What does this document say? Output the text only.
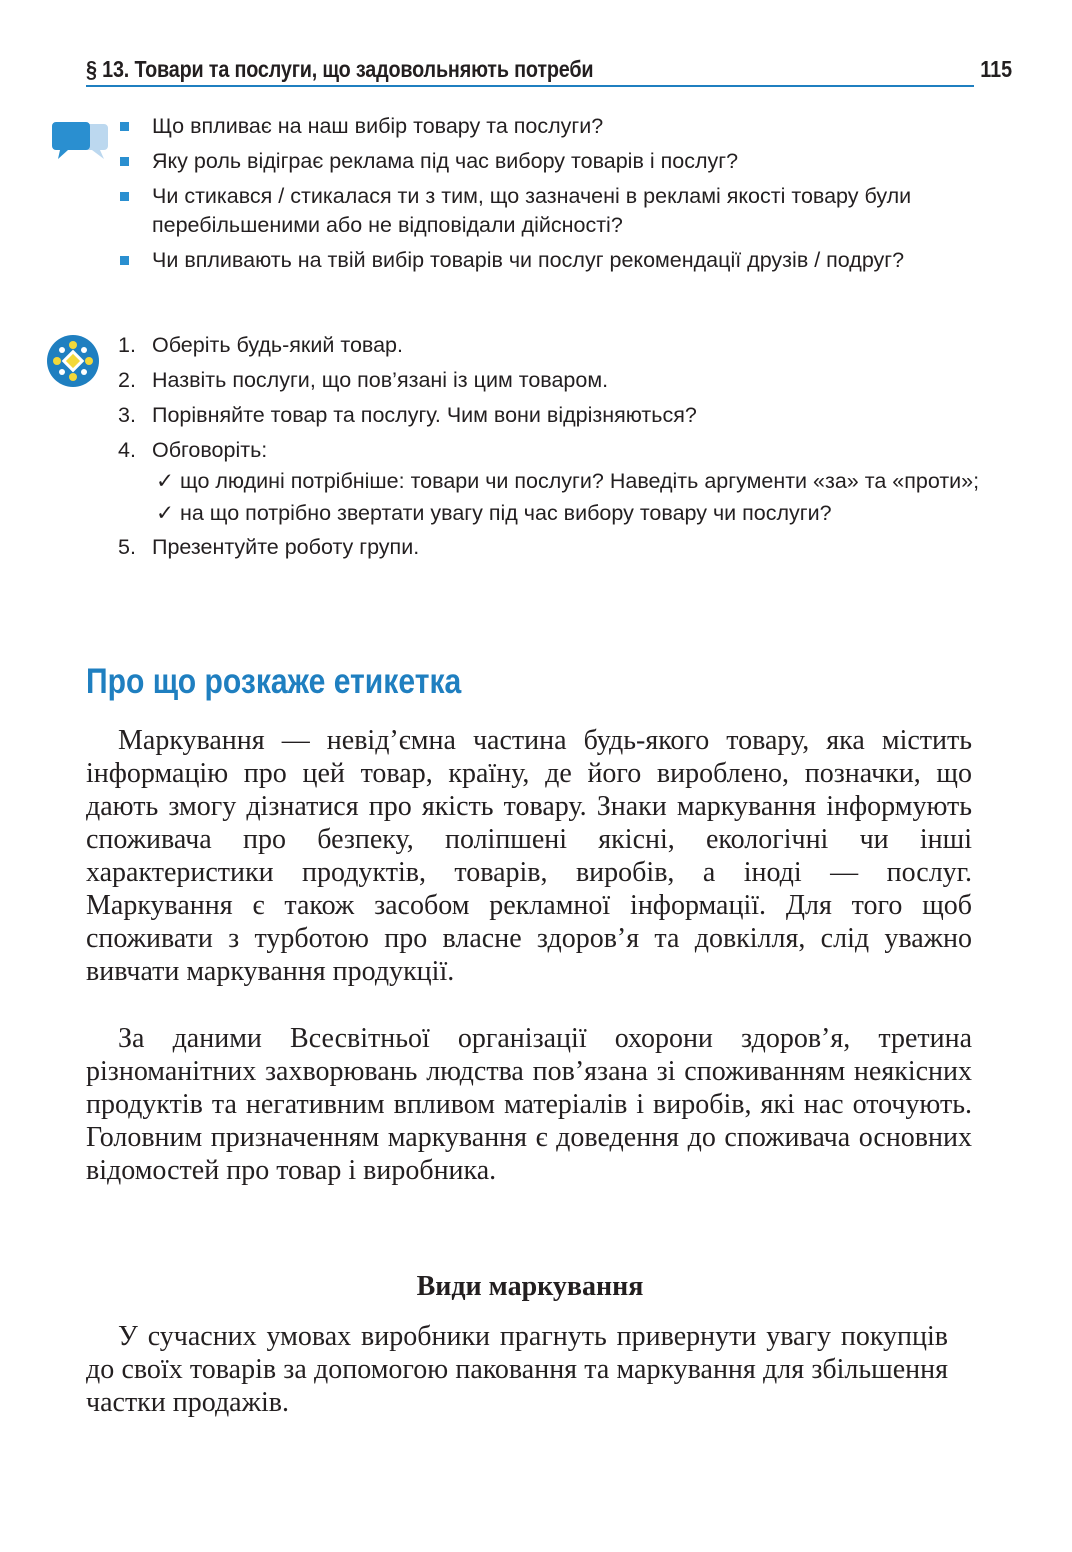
§ 13. Товари та послуги, що задовольняють потреби	115
Що впливає на наш вибір товару та послуги?
Яку роль відіграє реклама під час вибору товарів і послуг?
Чи стикався / стикалася ти з тим, що зазначені в рекламі якості товару були перебільшеними або не відповідали дійсності?
Чи впливають на твій вибір товарів чи послуг рекомендації друзів / подруг?
1. Оберіть будь-який товар.
2. Назвіть послуги, що пов’язані із цим товаром.
3. Порівняйте товар та послугу. Чим вони відрізняються?
4. Обговоріть:
✓ що людині потрібніше: товари чи послуги? Наведіть аргументи «за» та «проти»;
✓ на що потрібно звертати увагу під час вибору товару чи послуги?
5. Презентуйте роботу групи.
Про що розкаже етикетка

Маркування — невід’ємна частина будь-якого товару, яка містить інформацію про цей товар, країну, де його вироблено, позначки, що дають змогу дізнатися про якість товару. Знаки маркування інформують споживача про безпеку, поліпшені якісні, екологічні чи інші характеристики продуктів, товарів, виробів, а іноді — послуг. Маркування є також засобом рекламної інформації. Для того щоб споживати з турботою про власне здоров’я та довкілля, слід уважно вивчати маркування продукції.

За даними Всесвітньої організації охорони здоров’я, третина різноманітних захворювань людства пов’язана зі споживанням неякісних продуктів та негативним впливом матеріалів і виробів, які нас оточують. Головним призначенням маркування є доведення до споживача основних відомостей про товар і виробника.

Види маркування

У сучасних умовах виробники прагнуть привернути увагу покупців до своїх товарів за допомогою паковання та маркування для збільшення частки продажів.
